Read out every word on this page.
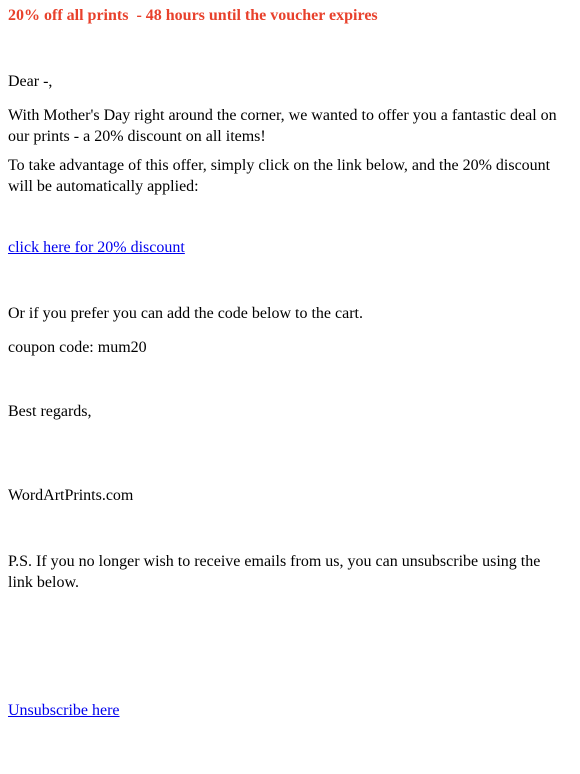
20% off all prints  - 48 hours until the voucher expires

Dear -,

With Mother's Day right around the corner, we wanted to offer you a fantastic deal on our prints - a 20% discount on all items!

To take advantage of this offer, simply click on the link below, and the 20% discount will be automatically applied:

click here for 20% discount

Or if you prefer you can add the code below to the cart.

coupon code: mum20

Best regards,

WordArtPrints.com

P.S. If you no longer wish to receive emails from us, you can unsubscribe using the link below.

Unsubscribe here
